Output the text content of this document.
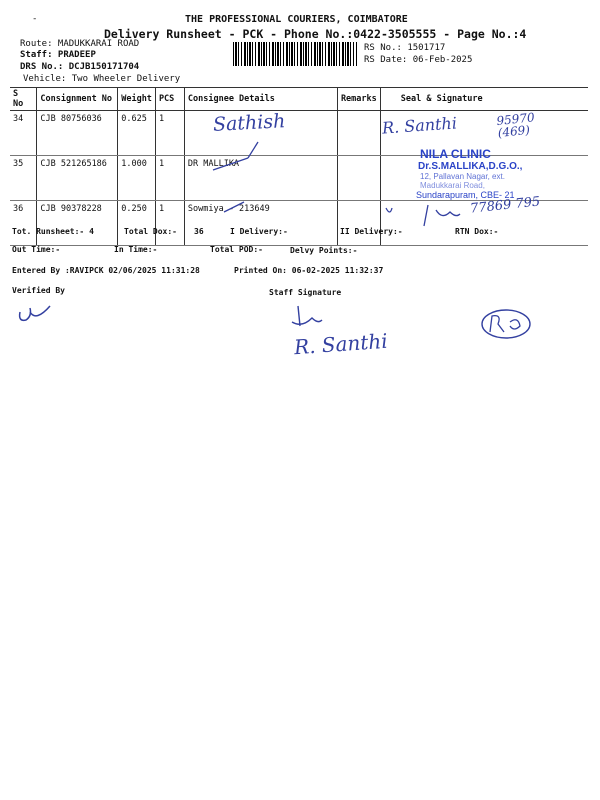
-	THE PROFESSIONAL COURIERS, COIMBATORE
Delivery Runsheet - PCK - Phone No.:0422-3505555 - Page No.:4
Route: MADUKKARAI ROAD
Staff: PRADEEP
DRS No.: DCJB150171704
Vehicle: Two Wheeler Delivery
RS No.: 1501717
RS Date: 06-Feb-2025
S No	Consignment No	Weight	PCS	Consignee Details	Remarks	Seal & Signature
34	CJB 80756036	0.625	1			
35	CJB 521265186	1.000	1	DR MALLIKA		
36	CJB 90378228	0.250	1	Sowmiya - 213649		
Sathish	R. Santhi	95970 (469)
NILA CLINIC
Dr.S.MALLIKA,D.G.O.,
12, Pallavan Nagar, ext.
Madukkarai Road,
Sundarapuram, CBE- 21
77869 795
Tot. Runsheet:- 4	Total Dox:- 36	I Delivery:-	II Delivery:-	RTN Dox:-
Out Time:-	In Time:-	Total POD:-	Delvy Points:-
Entered By :RAVIPCK 02/06/2025 11:31:28	Printed On: 06-02-2025 11:32:37
Verified By	Staff Signature
R. Santhi
